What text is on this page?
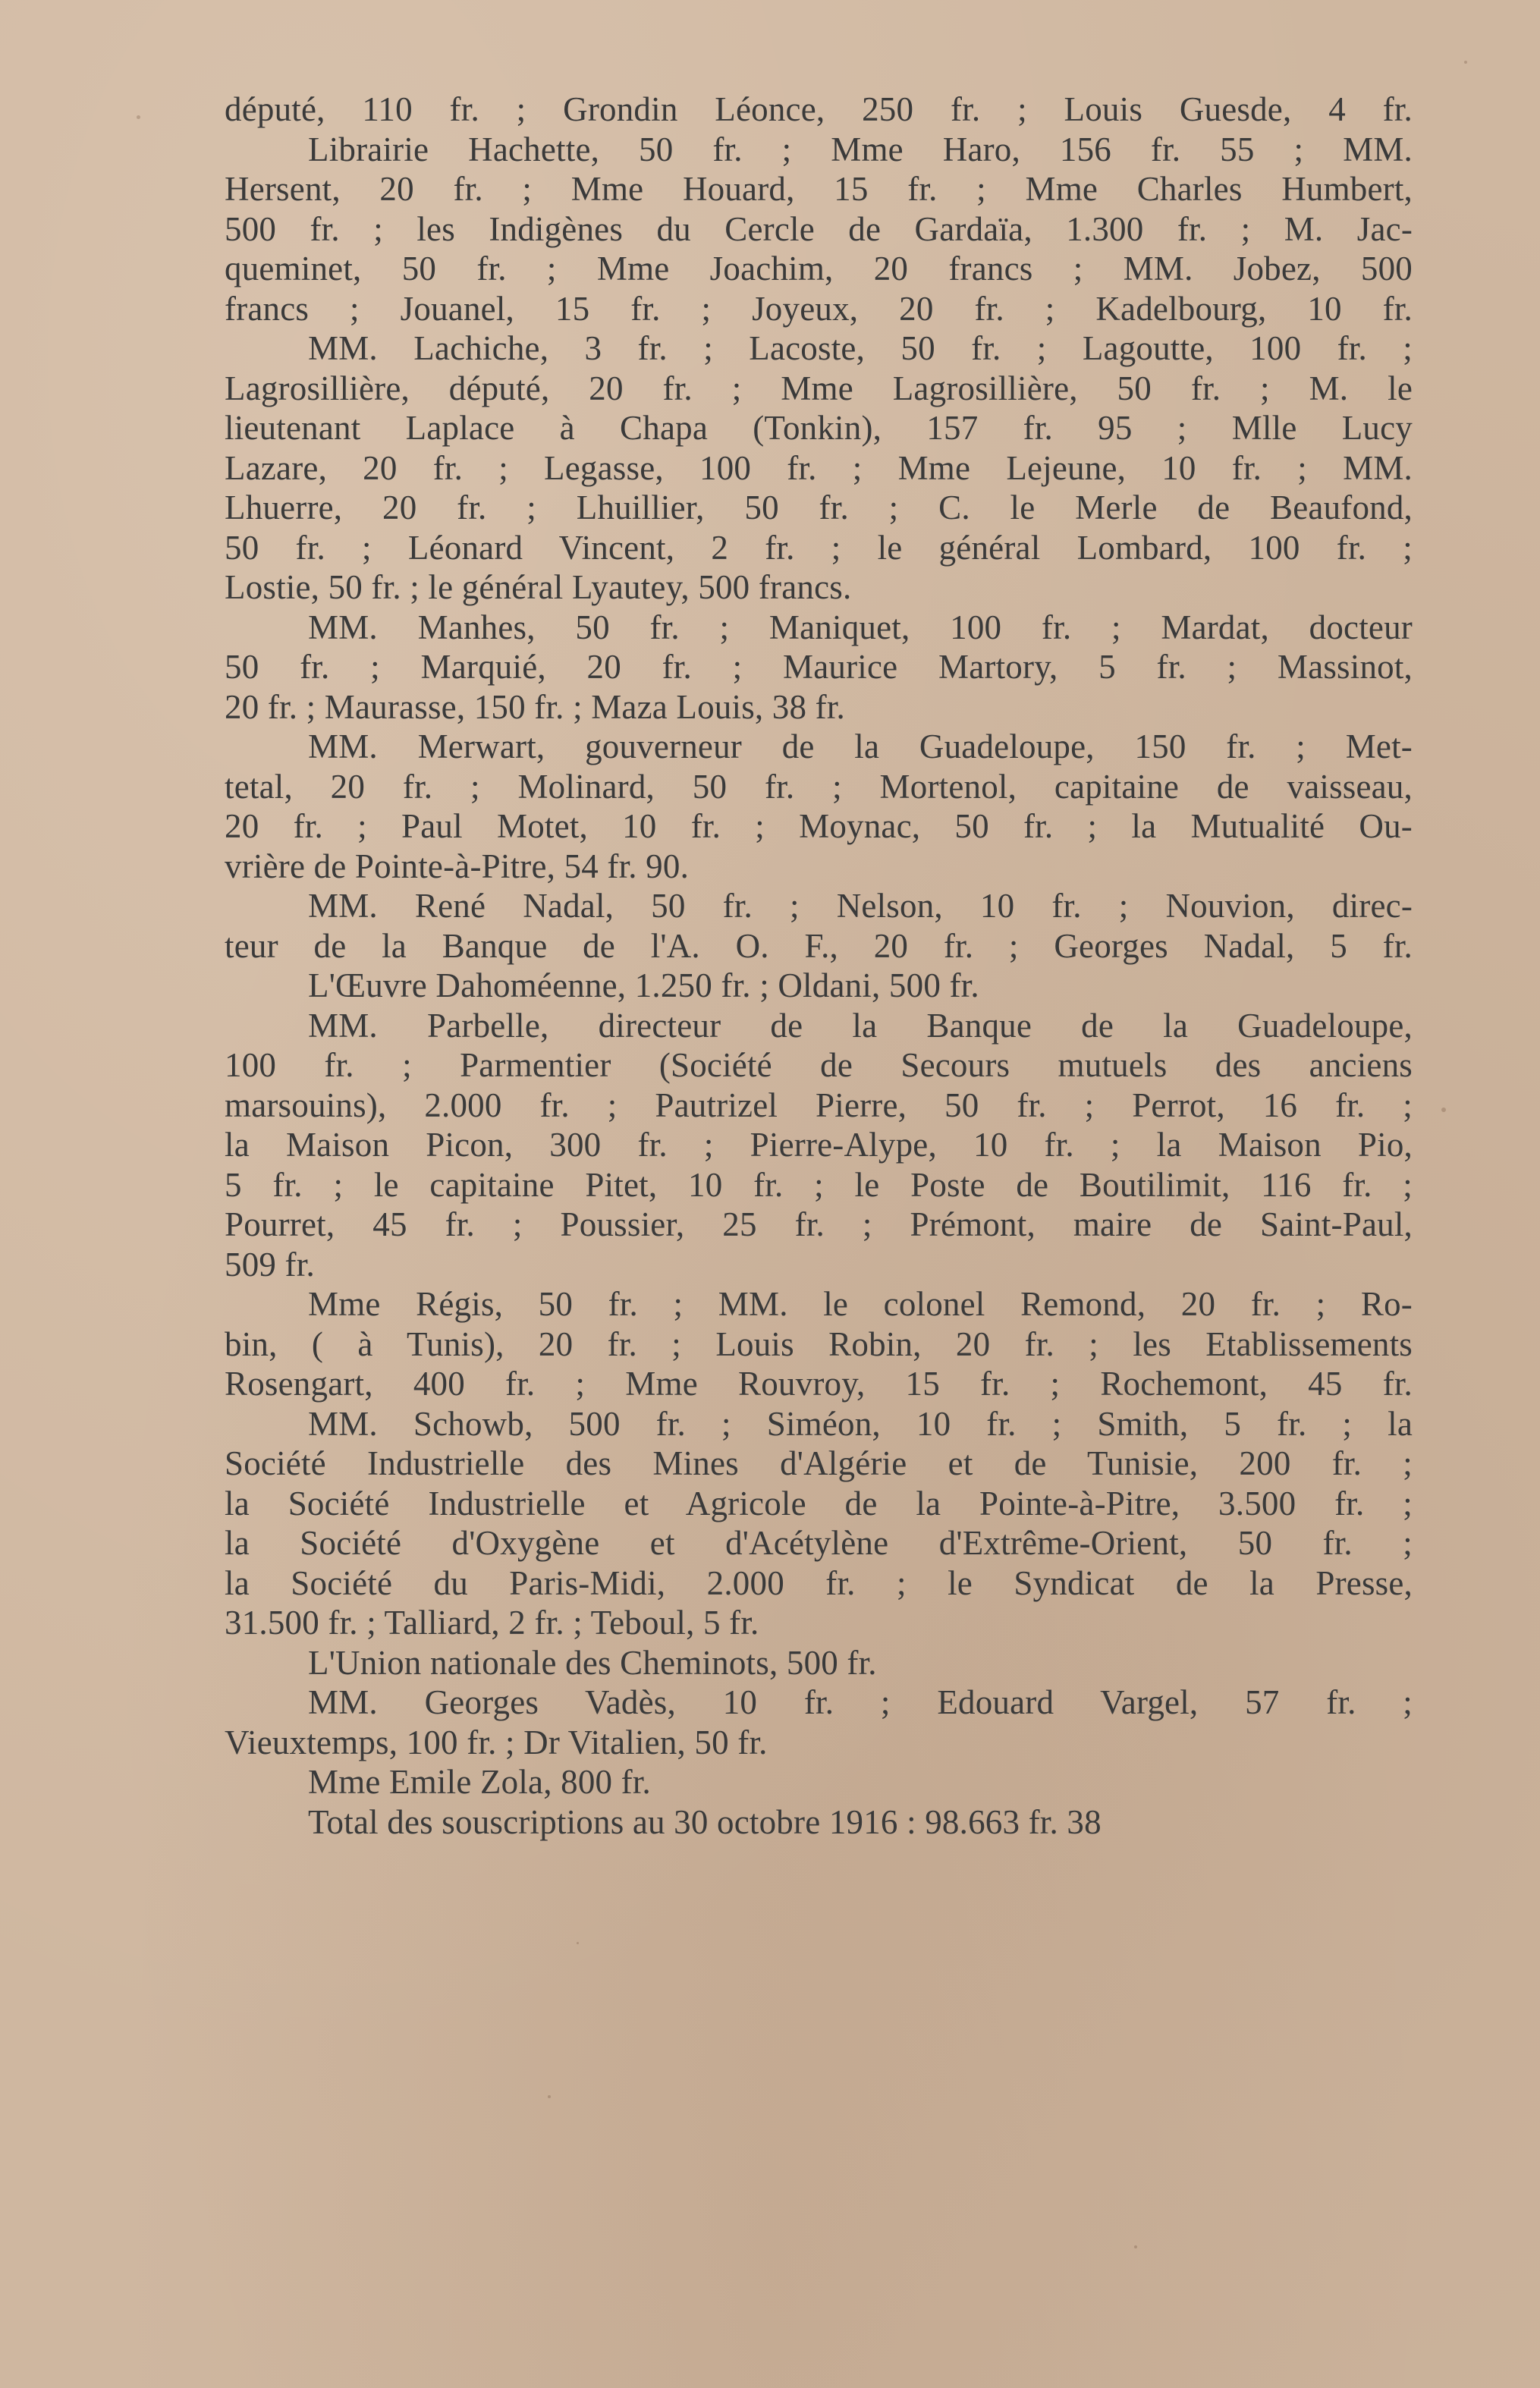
député, 110 fr. ; Grondin Léonce, 250 fr. ; Louis Guesde, 4 fr.
Librairie Hachette, 50 fr. ; Mme Haro, 156 fr. 55 ; MM.
Hersent, 20 fr. ; Mme Houard, 15 fr. ; Mme Charles Humbert,
500 fr. ; les Indigènes du Cercle de Gardaïa, 1.300 fr. ; M. Jac-
queminet, 50 fr. ; Mme Joachim, 20 francs ; MM. Jobez, 500
francs ; Jouanel, 15 fr. ; Joyeux, 20 fr. ; Kadelbourg, 10 fr.
MM. Lachiche, 3 fr. ; Lacoste, 50 fr. ; Lagoutte, 100 fr. ;
Lagrosillière, député, 20 fr. ; Mme Lagrosillière, 50 fr. ; M. le
lieutenant Laplace à Chapa (Tonkin), 157 fr. 95 ; Mlle Lucy
Lazare, 20 fr. ; Legasse, 100 fr. ; Mme Lejeune, 10 fr. ; MM.
Lhuerre, 20 fr. ; Lhuillier, 50 fr. ; C. le Merle de Beaufond,
50 fr. ; Léonard Vincent, 2 fr. ; le général Lombard, 100 fr. ;
Lostie, 50 fr. ; le général Lyautey, 500 francs.
MM. Manhes, 50 fr. ; Maniquet, 100 fr. ; Mardat, docteur
50 fr. ; Marquié, 20 fr. ; Maurice Martory, 5 fr. ; Massinot,
20 fr. ; Maurasse, 150 fr. ; Maza Louis, 38 fr.
MM. Merwart, gouverneur de la Guadeloupe, 150 fr. ; Met-
tetal, 20 fr. ; Molinard, 50 fr. ; Mortenol, capitaine de vaisseau,
20 fr. ; Paul Motet, 10 fr. ; Moynac, 50 fr. ; la Mutualité Ou-
vrière de Pointe-à-Pitre, 54 fr. 90.
MM. René Nadal, 50 fr. ; Nelson, 10 fr. ; Nouvion, direc-
teur de la Banque de l'A. O. F., 20 fr. ; Georges Nadal, 5 fr.
L'Œuvre Dahoméenne, 1.250 fr. ; Oldani, 500 fr.
MM. Parbelle, directeur de la Banque de la Guadeloupe,
100 fr. ; Parmentier (Société de Secours mutuels des anciens
marsouins), 2.000 fr. ; Pautrizel Pierre, 50 fr. ; Perrot, 16 fr. ;
la Maison Picon, 300 fr. ; Pierre-Alype, 10 fr. ; la Maison Pio,
5 fr. ; le capitaine Pitet, 10 fr. ; le Poste de Boutilimit, 116 fr. ;
Pourret, 45 fr. ; Poussier, 25 fr. ; Prémont, maire de Saint-Paul,
509 fr.
Mme Régis, 50 fr. ; MM. le colonel Remond, 20 fr. ; Ro-
bin, ( à Tunis), 20 fr. ; Louis Robin, 20 fr. ; les Etablissements
Rosengart, 400 fr. ; Mme Rouvroy, 15 fr. ; Rochemont, 45 fr.
MM. Schowb, 500 fr. ; Siméon, 10 fr. ; Smith, 5 fr. ; la
Société Industrielle des Mines d'Algérie et de Tunisie, 200 fr. ;
la Société Industrielle et Agricole de la Pointe-à-Pitre, 3.500 fr. ;
la Société d'Oxygène et d'Acétylène d'Extrême-Orient, 50 fr. ;
la Société du Paris-Midi, 2.000 fr. ; le Syndicat de la Presse,
31.500 fr. ; Talliard, 2 fr. ; Teboul, 5 fr.
L'Union nationale des Cheminots, 500 fr.
MM. Georges Vadès, 10 fr. ; Edouard Vargel, 57 fr. ;
Vieuxtemps, 100 fr. ; Dr Vitalien, 50 fr.
Mme Emile Zola, 800 fr.
Total des souscriptions au 30 octobre 1916 : 98.663 fr. 38
